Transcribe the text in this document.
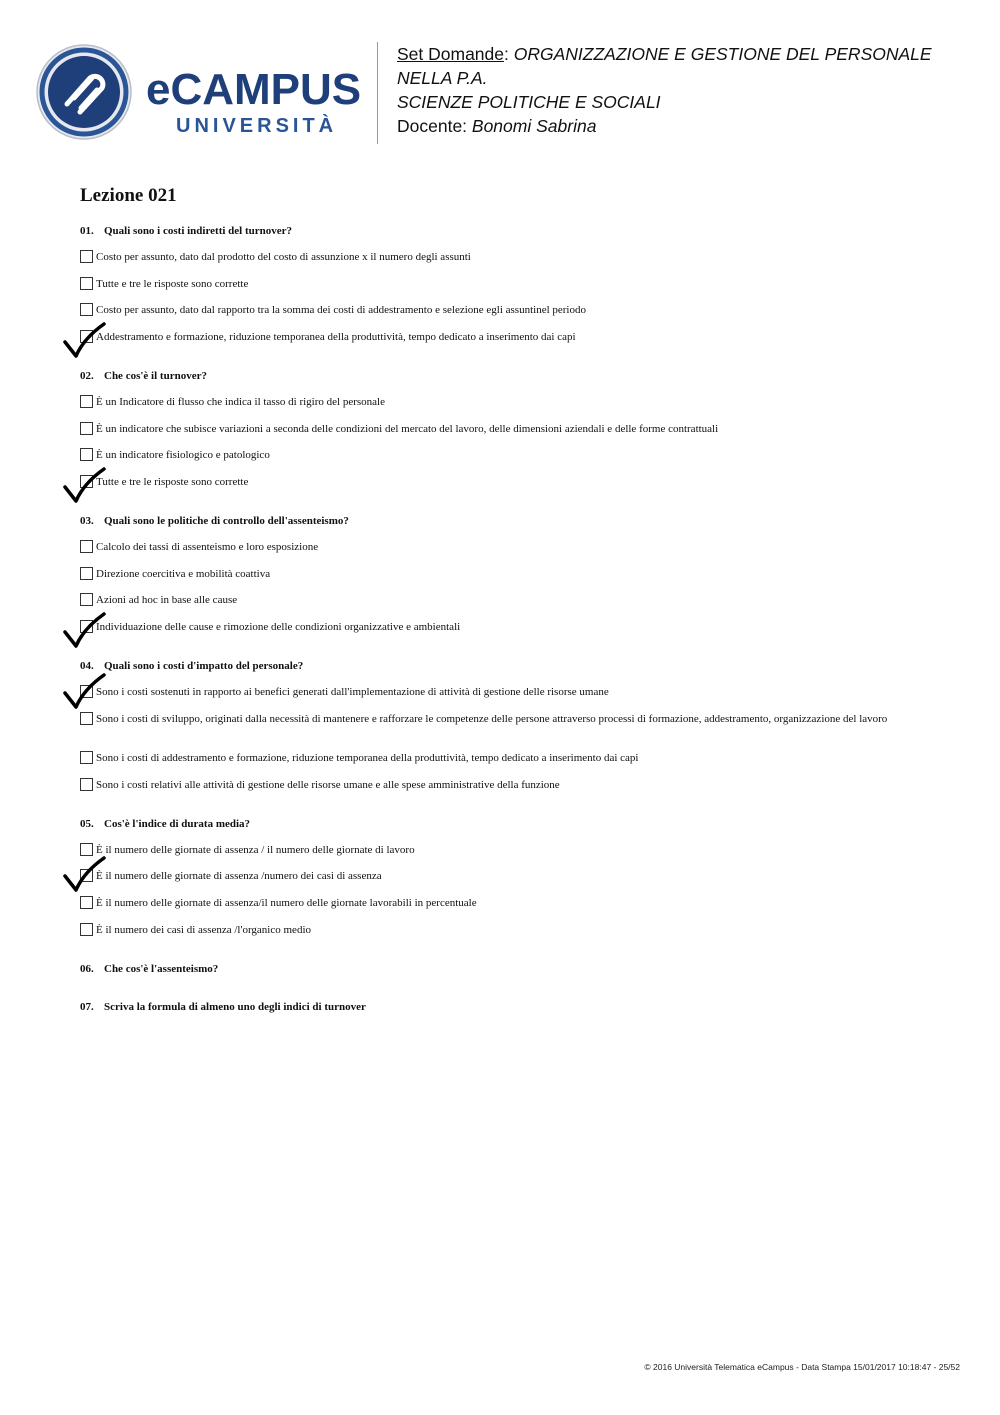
eCAMPUS
UNIVERSITÀ
Set Domande: ORGANIZZAZIONE E GESTIONE DEL PERSONALE NELLA P.A.
SCIENZE POLITICHE E SOCIALI
Docente: Bonomi Sabrina
Lezione 021
01. Quali sono i costi indiretti del turnover?
Costo per assunto, dato dal prodotto del costo di assunzione x il numero degli assunti
Tutte e tre le risposte sono corrette
Costo per assunto, dato dal rapporto tra la somma dei costi di addestramento e selezione egli assuntinel periodo
Addestramento e formazione, riduzione temporanea della produttività, tempo dedicato a inserimento dai capi
02. Che cos'è il turnover?
È un Indicatore di flusso che indica il tasso di rigiro del personale
È un indicatore che subisce variazioni a seconda delle condizioni del mercato del lavoro, delle dimensioni aziendali e delle forme contrattuali
È un indicatore fisiologico e patologico
Tutte e tre le risposte sono corrette
03. Quali sono le politiche di controllo dell'assenteismo?
Calcolo dei tassi di assenteismo e loro esposizione
Direzione coercitiva e mobilità coattiva
Azioni ad hoc in base alle cause
Individuazione delle cause e rimozione delle condizioni organizzative e ambientali
04. Quali sono i costi d'impatto del personale?
Sono i costi sostenuti in rapporto ai benefici generati dall'implementazione di attività di gestione delle risorse umane
Sono i costi di sviluppo, originati dalla necessità di mantenere e rafforzare le competenze delle persone attraverso processi di formazione, addestramento, organizzazione del lavoro
Sono i costi di addestramento e formazione, riduzione temporanea della produttività, tempo dedicato a inserimento dai capi
Sono i costi relativi alle attività di gestione delle risorse umane e alle spese amministrative della funzione
05. Cos'è l'indice di durata media?
È il numero delle giornate di assenza / il numero delle giornate di lavoro
È il numero delle giornate di assenza /numero dei casi di assenza
È il numero delle giornate di assenza/il numero delle giornate lavorabili in percentuale
È il numero dei casi di assenza /l'organico medio
06. Che cos'è l'assenteismo?
07. Scriva la formula di almeno uno degli indici di turnover
© 2016 Università Telematica eCampus - Data Stampa 15/01/2017 10:18:47 - 25/52
